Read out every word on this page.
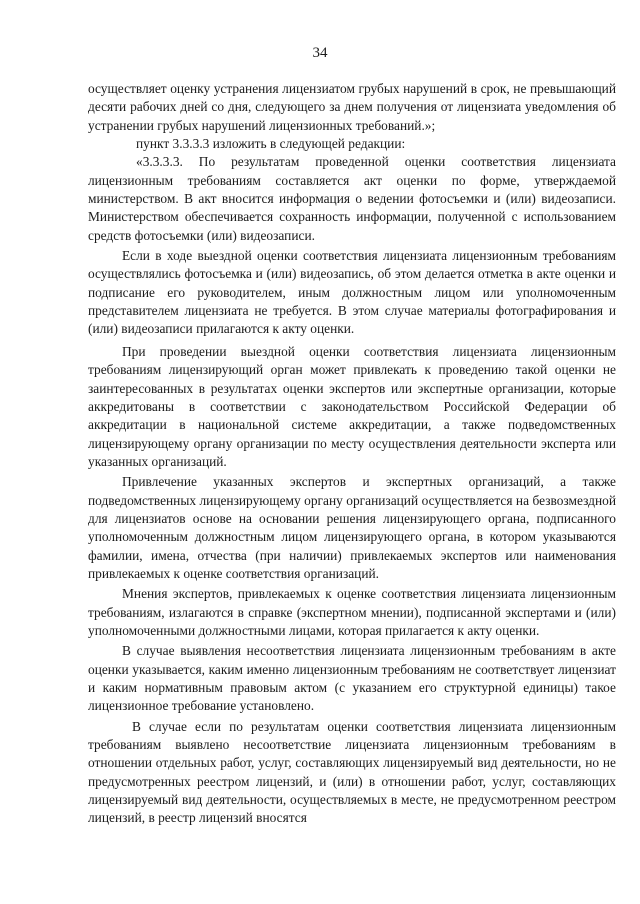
34

осуществляет оценку устранения лицензиатом грубых нарушений в срок, не превышающий десяти рабочих дней со дня, следующего за днем получения от лицензиата уведомления об устранении грубых нарушений лицензионных требований.»;

пункт 3.3.3.3 изложить в следующей редакции:

«3.3.3.3. По результатам проведенной оценки соответствия лицензиата лицензионным требованиям составляется акт оценки по форме, утверждаемой министерством. В акт вносится информация о ведении фотосъемки и (или) видеозаписи. Министерством обеспечивается сохранность информации, полученной с использованием средств фотосъемки (или) видеозаписи.

Если в ходе выездной оценки соответствия лицензиата лицензионным требованиям осуществлялись фотосъемка и (или) видеозапись, об этом делается отметка в акте оценки и подписание его руководителем, иным должностным лицом или уполномоченным представителем лицензиата не требуется. В этом случае материалы фотографирования и (или) видеозаписи прилагаются к акту оценки.

При проведении выездной оценки соответствия лицензиата лицензионным требованиям лицензирующий орган может привлекать к проведению такой оценки не заинтересованных в результатах оценки экспертов или экспертные организации, которые аккредитованы в соответствии с законодательством Российской Федерации об аккредитации в национальной системе аккредитации, а также подведомственных лицензирующему органу организации по месту осуществления деятельности эксперта или указанных организаций.

Привлечение указанных экспертов и экспертных организаций, а также подведомственных лицензирующему органу организаций осуществляется на безвозмездной для лицензиатов основе на основании решения лицензирующего органа, подписанного уполномоченным должностным лицом лицензирующего органа, в котором указываются фамилии, имена, отчества (при наличии) привлекаемых экспертов или наименования привлекаемых к оценке соответствия организаций.

Мнения экспертов, привлекаемых к оценке соответствия лицензиата лицензионным требованиям, излагаются в справке (экспертном мнении), подписанной экспертами и (или) уполномоченными должностными лицами, которая прилагается к акту оценки.

В случае выявления несоответствия лицензиата лицензионным требованиям в акте оценки указывается, каким именно лицензионным требованиям не соответствует лицензиат и каким нормативным правовым актом (с указанием его структурной единицы) такое лицензионное требование установлено.

В случае если по результатам оценки соответствия лицензиата лицензионным требованиям выявлено несоответствие лицензиата лицензионным требованиям в отношении отдельных работ, услуг, составляющих лицензируемый вид деятельности, но не предусмотренных реестром лицензий, и (или) в отношении работ, услуг, составляющих лицензируемый вид деятельности, осуществляемых в месте, не предусмотренном реестром лицензий, в реестр лицензий вносятся
